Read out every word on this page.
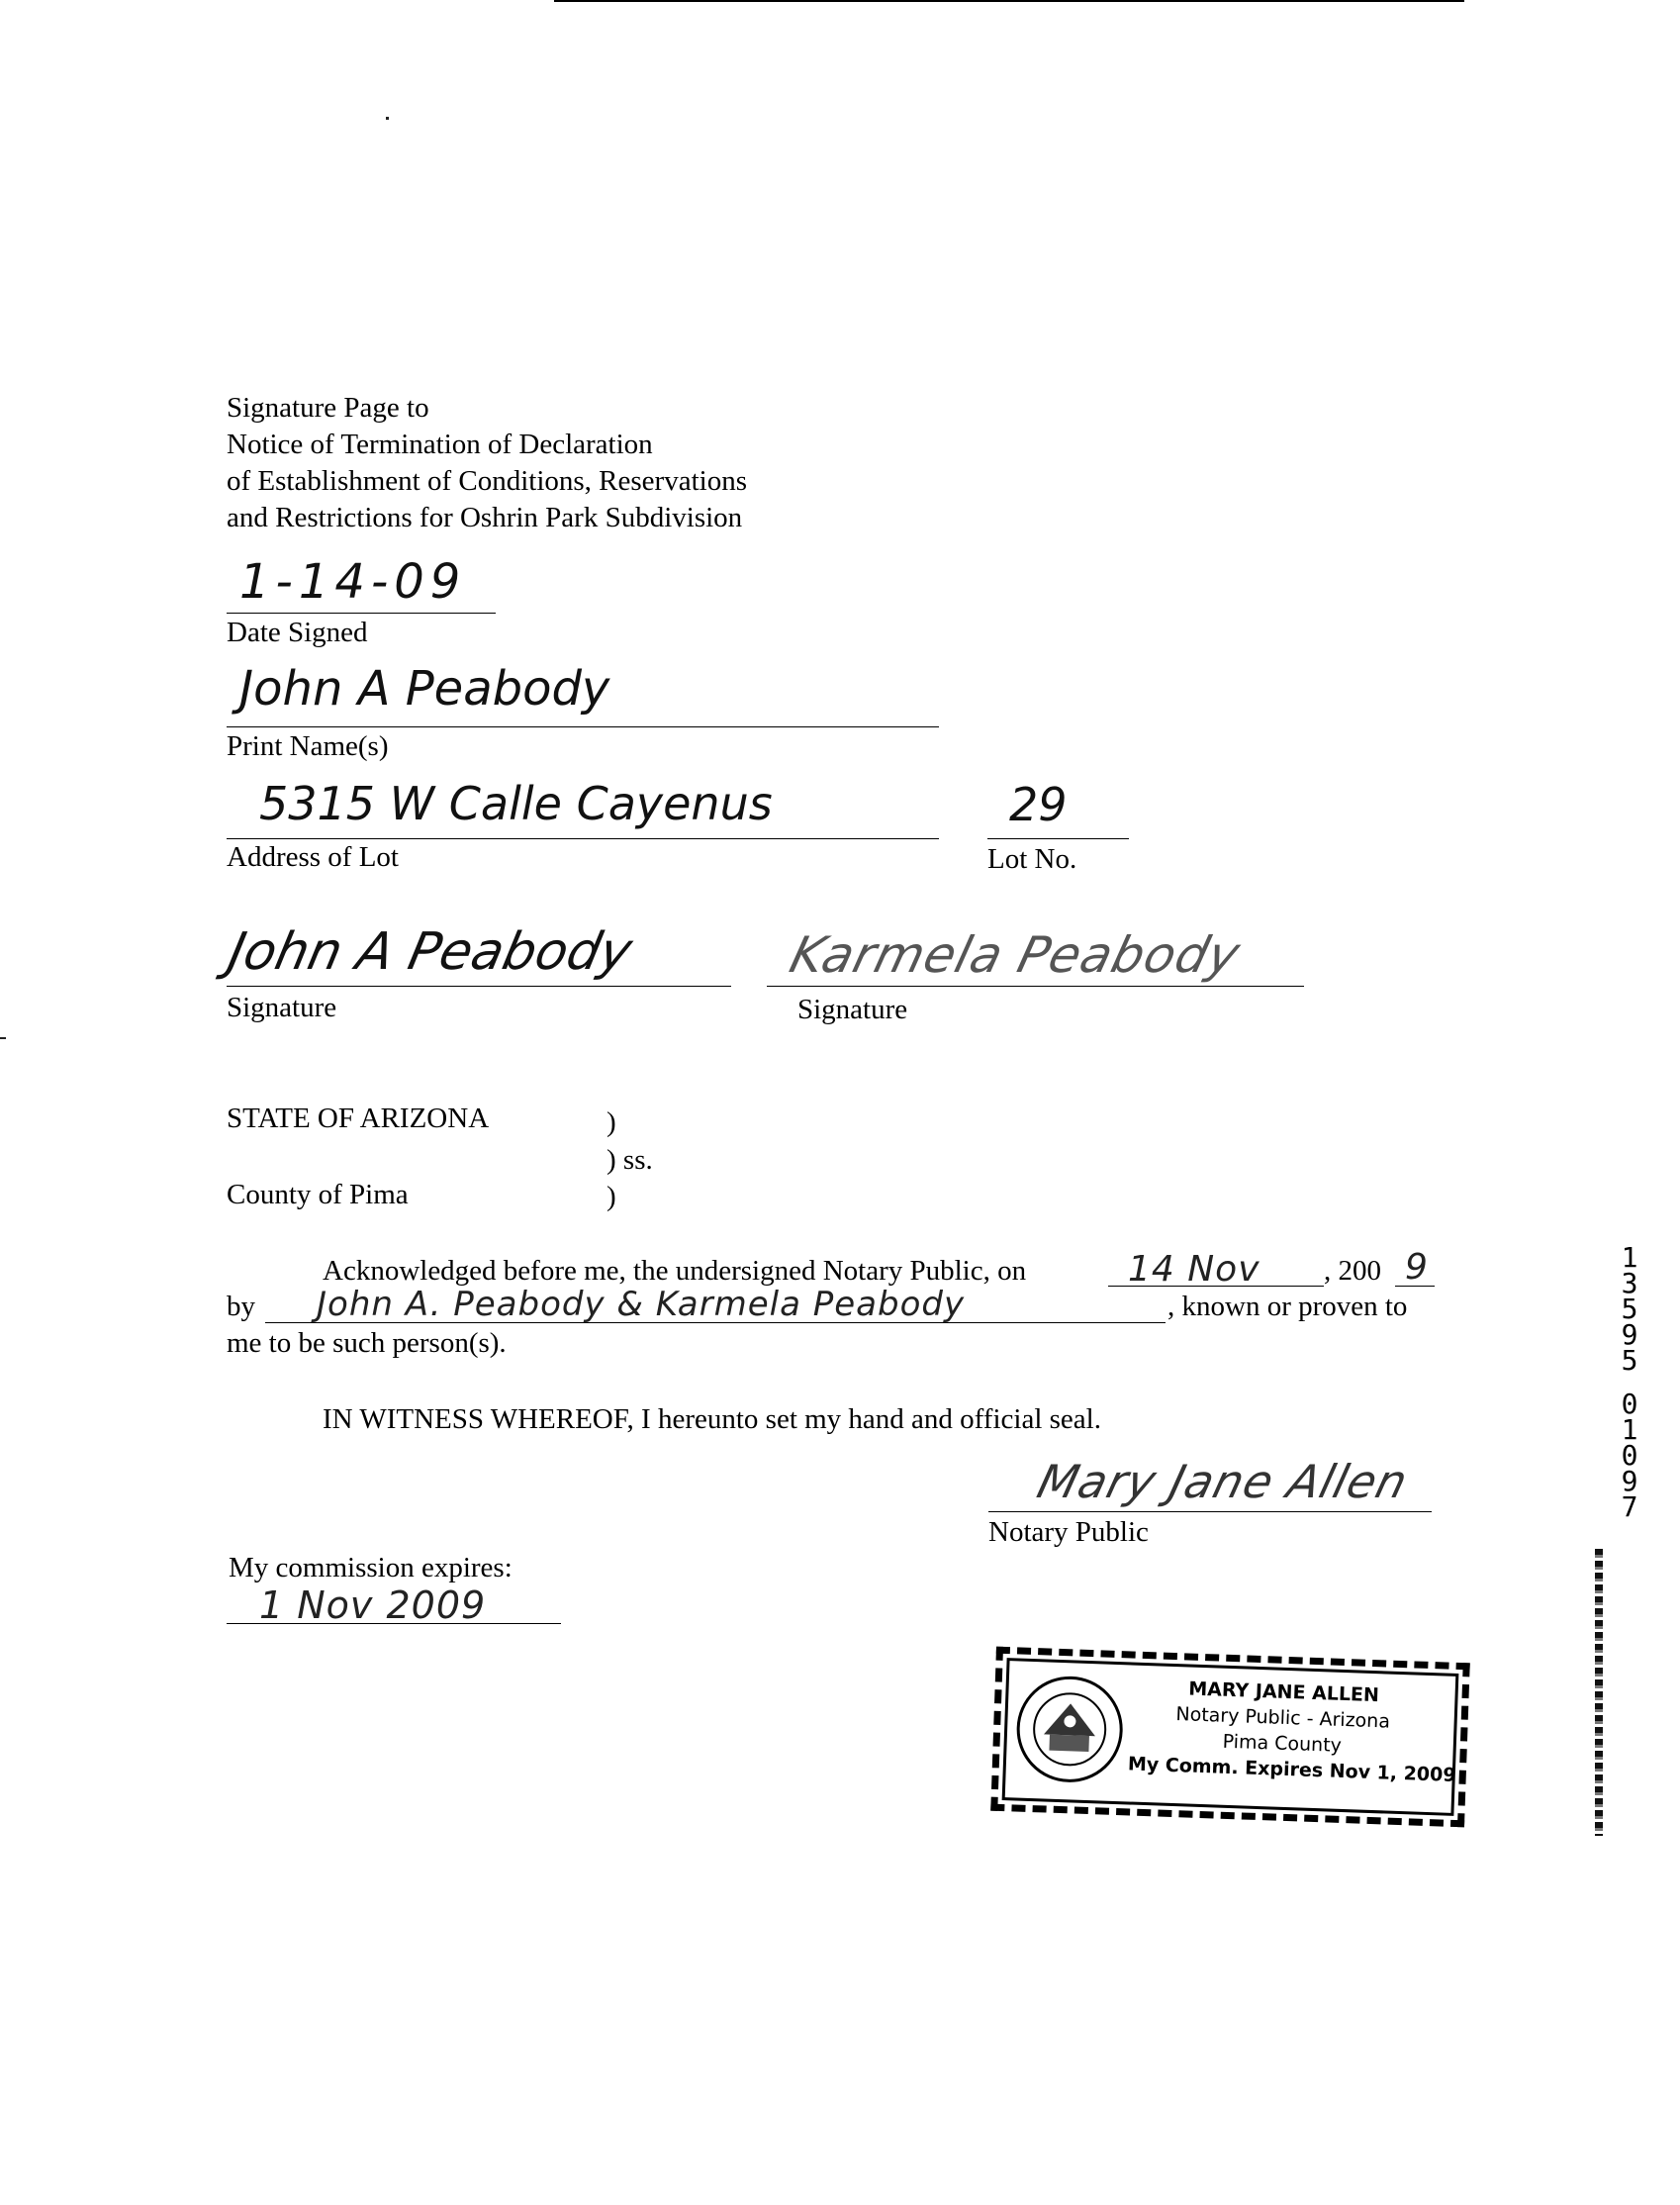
Signature Page to
Notice of Termination of Declaration
of Establishment of Conditions, Reservations
and Restrictions for Oshrin Park Subdivision
1-14-09
Date Signed
John A Peabody
Print Name(s)
5315 W Calle Cayenus
Address of Lot
29
Lot No.
John A Peabody
Signature
Karmela Peabody
Signature
STATE OF ARIZONA	)
) ss.
County of Pima	)
Acknowledged before me, the undersigned Notary Public, on	14 Nov , 200 9
by John A. Peabody & Karmela Peabody	, known or proven to
me to be such person(s).
IN WITNESS WHEREOF, I hereunto set my hand and official seal.
Mary Jane Allen
Notary Public
My commission expires:
1 Nov 2009
MARY JANE ALLEN
Notary Public - Arizona
Pima County
My Comm. Expires Nov 1, 2009
1
3
5
9
5
0
1
0
9
7
